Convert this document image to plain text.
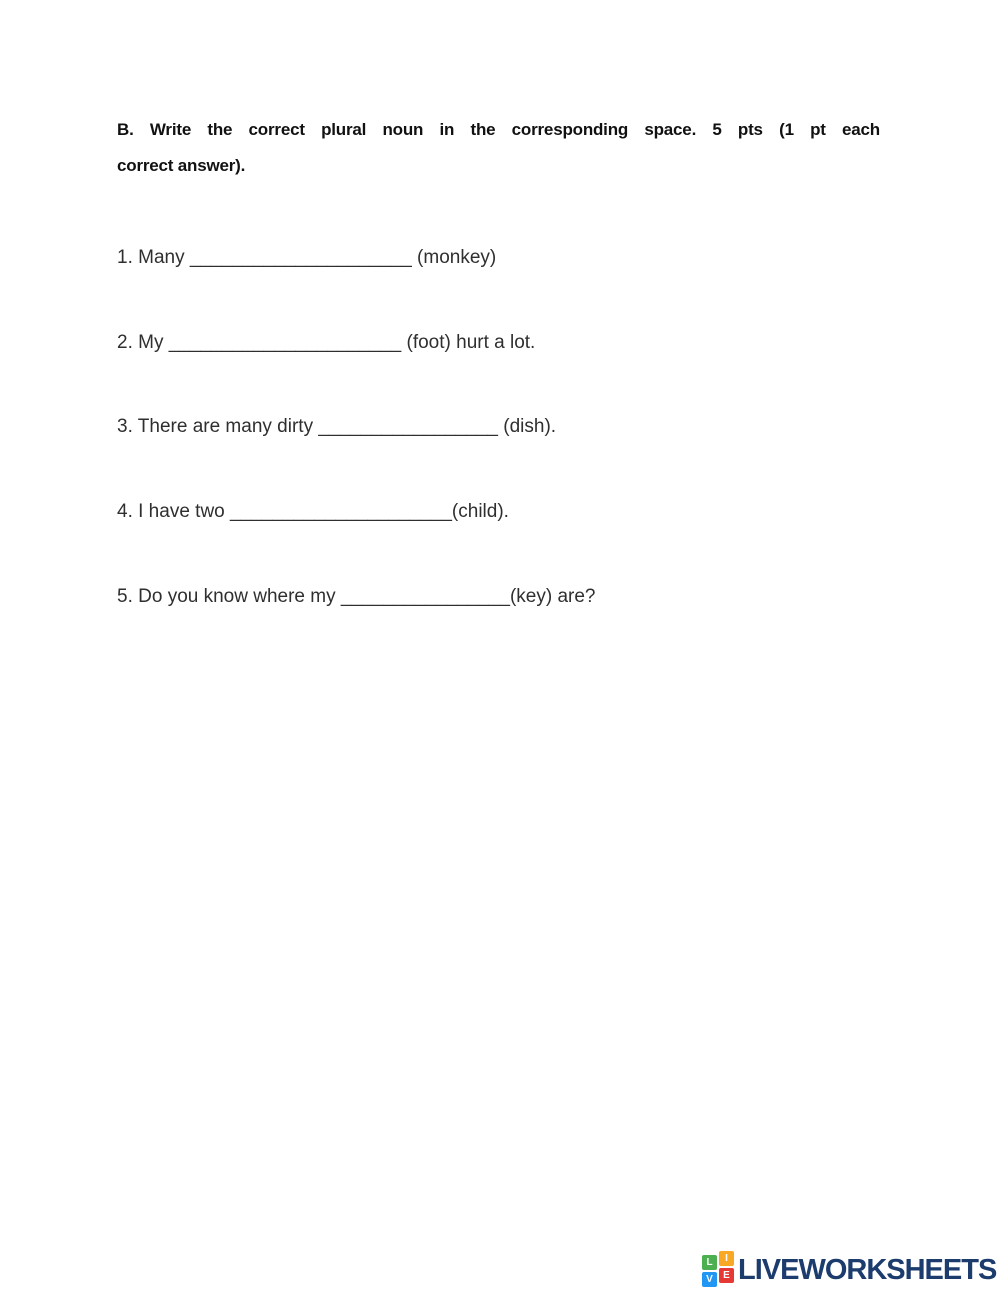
B. Write the correct plural noun in the corresponding space. 5 pts (1 pt each
correct answer).
1. Many _____________________ (monkey)
2. My ______________________ (foot) hurt a lot.
3. There are many dirty _________________ (dish).
4. I have two _____________________(child).
5. Do you know where my ________________(key) are?
L	I
V	E LIVEWORKSHEETS
